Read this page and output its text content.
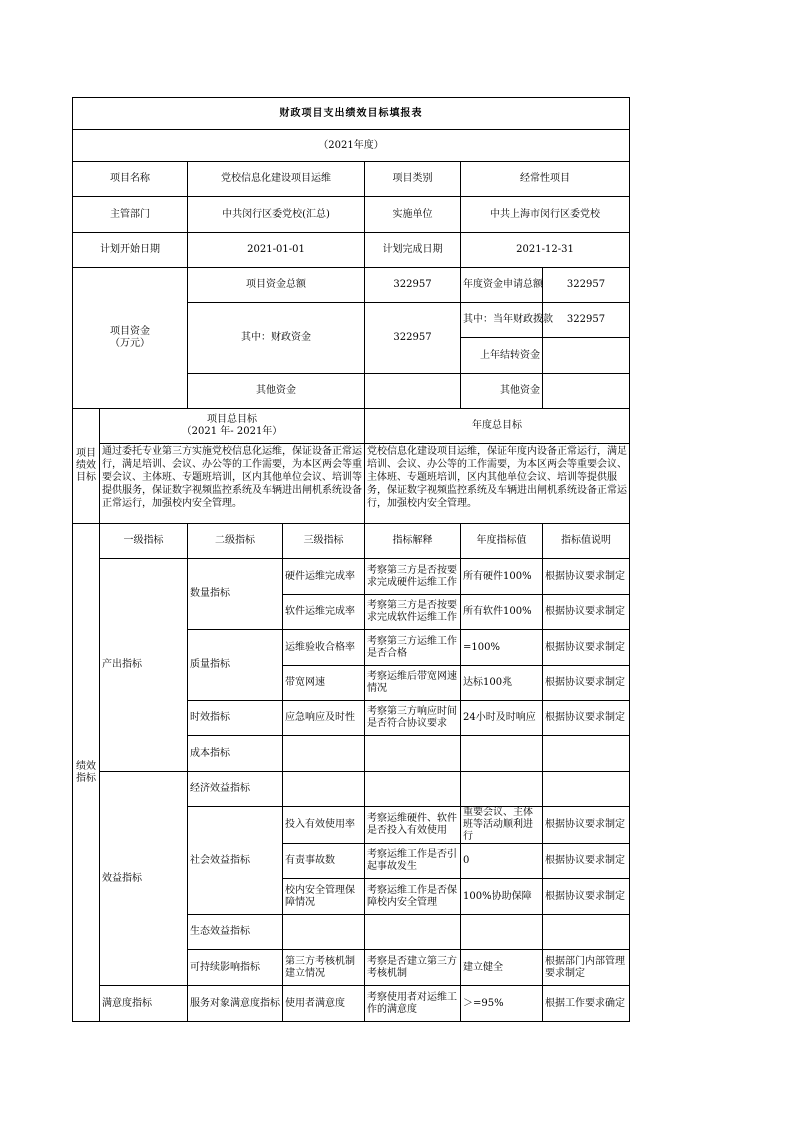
财政项目支出绩效目标填报表						
（2021年度）						
项目名称		党校信息化建设项目运维		项目类别	经常性项目	
主管部门		中共闵行区委党校(汇总)		实施单位	中共上海市闵行区委党校	

计划开始日期		2021-01-01		计划完成日期	2021-12-31	
项目资金
（万元）		项目资金总额		322957	年度资金申请总额	322957
		其中：财政资金		322957	其中：当年财政拨款	322957
					上年结转资金	
		其他资金			其他资金	
项目绩效目标	项目总目标
（2021 年- 2021年）			年度总目标		

	通过委托专业第三方实施党校信息化运维，保证设备正常运行，满足培训、会议、办公等的工作需要，为本区两会等重要会议、主体班、专题班培训，区内其他单位会议、培训等提供服务，保证数字视频监控系统及车辆进出闸机系统设备正常运行，加强校内安全管理。			党校信息化建设项目运维，保证年度内设备正常运行，满足培训、会议、办公等的工作需要，为本区两会等重要会议、主体班、专题班培训，区内其他单位会议、培训等提供服务，保证数字视频监控系统及车辆进出闸机系统设备正常运行，加强校内安全管理。		

绩效指标	一级指标	二级指标	三级指标	指标解释	年度指标值	指标值说明
	产出指标	数量指标	硬件运维完成率	考察第三方是否按要求完成硬件运维工作	所有硬件100%	根据协议要求制定

			软件运维完成率	考察第三方是否按要求完成软件运维工作	所有软件100%	根据协议要求制定

		质量指标	运维验收合格率	考察第三方运维工作是否合格	=100%	根据协议要求制定

			带宽网速	考察运维后带宽网速情况	达标100兆	根据协议要求制定

		时效指标	应急响应及时性	考察第三方响应时间是否符合协议要求	24小时及时响应	根据协议要求制定

		成本指标				
	效益指标	经济效益指标				
		社会效益指标	投入有效使用率	考察运维硬件、软件是否投入有效使用	重要会议、主体班等活动顺利进行	根据协议要求制定

			有责事故数	考察运维工作是否引起事故发生	0	根据协议要求制定

			校内安全管理保障情况	考察运维工作是否保障校内安全管理	100%协助保障	根据协议要求制定

		生态效益指标				
		可持续影响指标	第三方考核机制建立情况	考察是否建立第三方考核机制	建立健全	根据部门内部管理要求制定

	满意度指标	服务对象满意度指标	使用者满意度	考察使用者对运维工作的满意度	＞=95%	根据工作要求确定
